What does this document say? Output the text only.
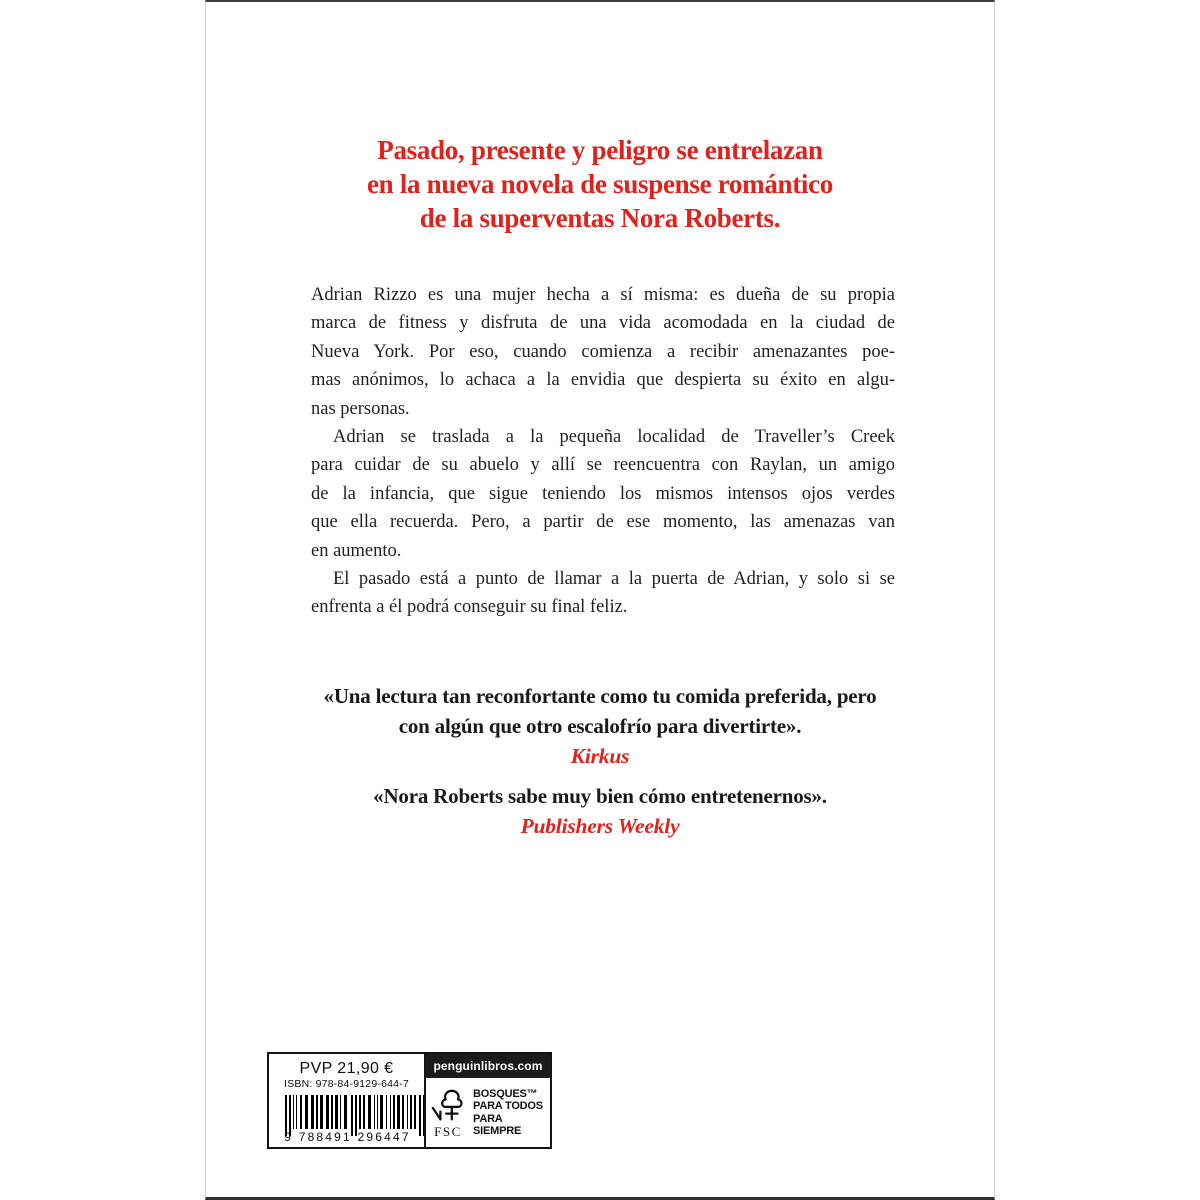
Pasado, presente y peligro se entrelazan
en la nueva novela de suspense romántico
de la superventas Nora Roberts.
Adrian Rizzo es una mujer hecha a sí misma: es dueña de su propia
marca de fitness y disfruta de una vida acomodada en la ciudad de
Nueva York. Por eso, cuando comienza a recibir amenazantes poe-
mas anónimos, lo achaca a la envidia que despierta su éxito en algu-
nas personas.
Adrian se traslada a la pequeña localidad de Traveller’s Creek
para cuidar de su abuelo y allí se reencuentra con Raylan, un amigo
de la infancia, que sigue teniendo los mismos intensos ojos verdes
que ella recuerda. Pero, a partir de ese momento, las amenazas van
en aumento.
El pasado está a punto de llamar a la puerta de Adrian, y solo si se
enfrenta a él podrá conseguir su final feliz.
«Una lectura tan reconfortante como tu comida preferida, pero
con algún que otro escalofrío para divertirte».
Kirkus
«Nora Roberts sabe muy bien cómo entretenernos».
Publishers Weekly
PVP 21,90 €
ISBN: 978-84-9129-644-7
9 788491 296447
penguinlibros.com
FSC
BOSQUES™
PARA TODOS
PARA SIEMPRE
